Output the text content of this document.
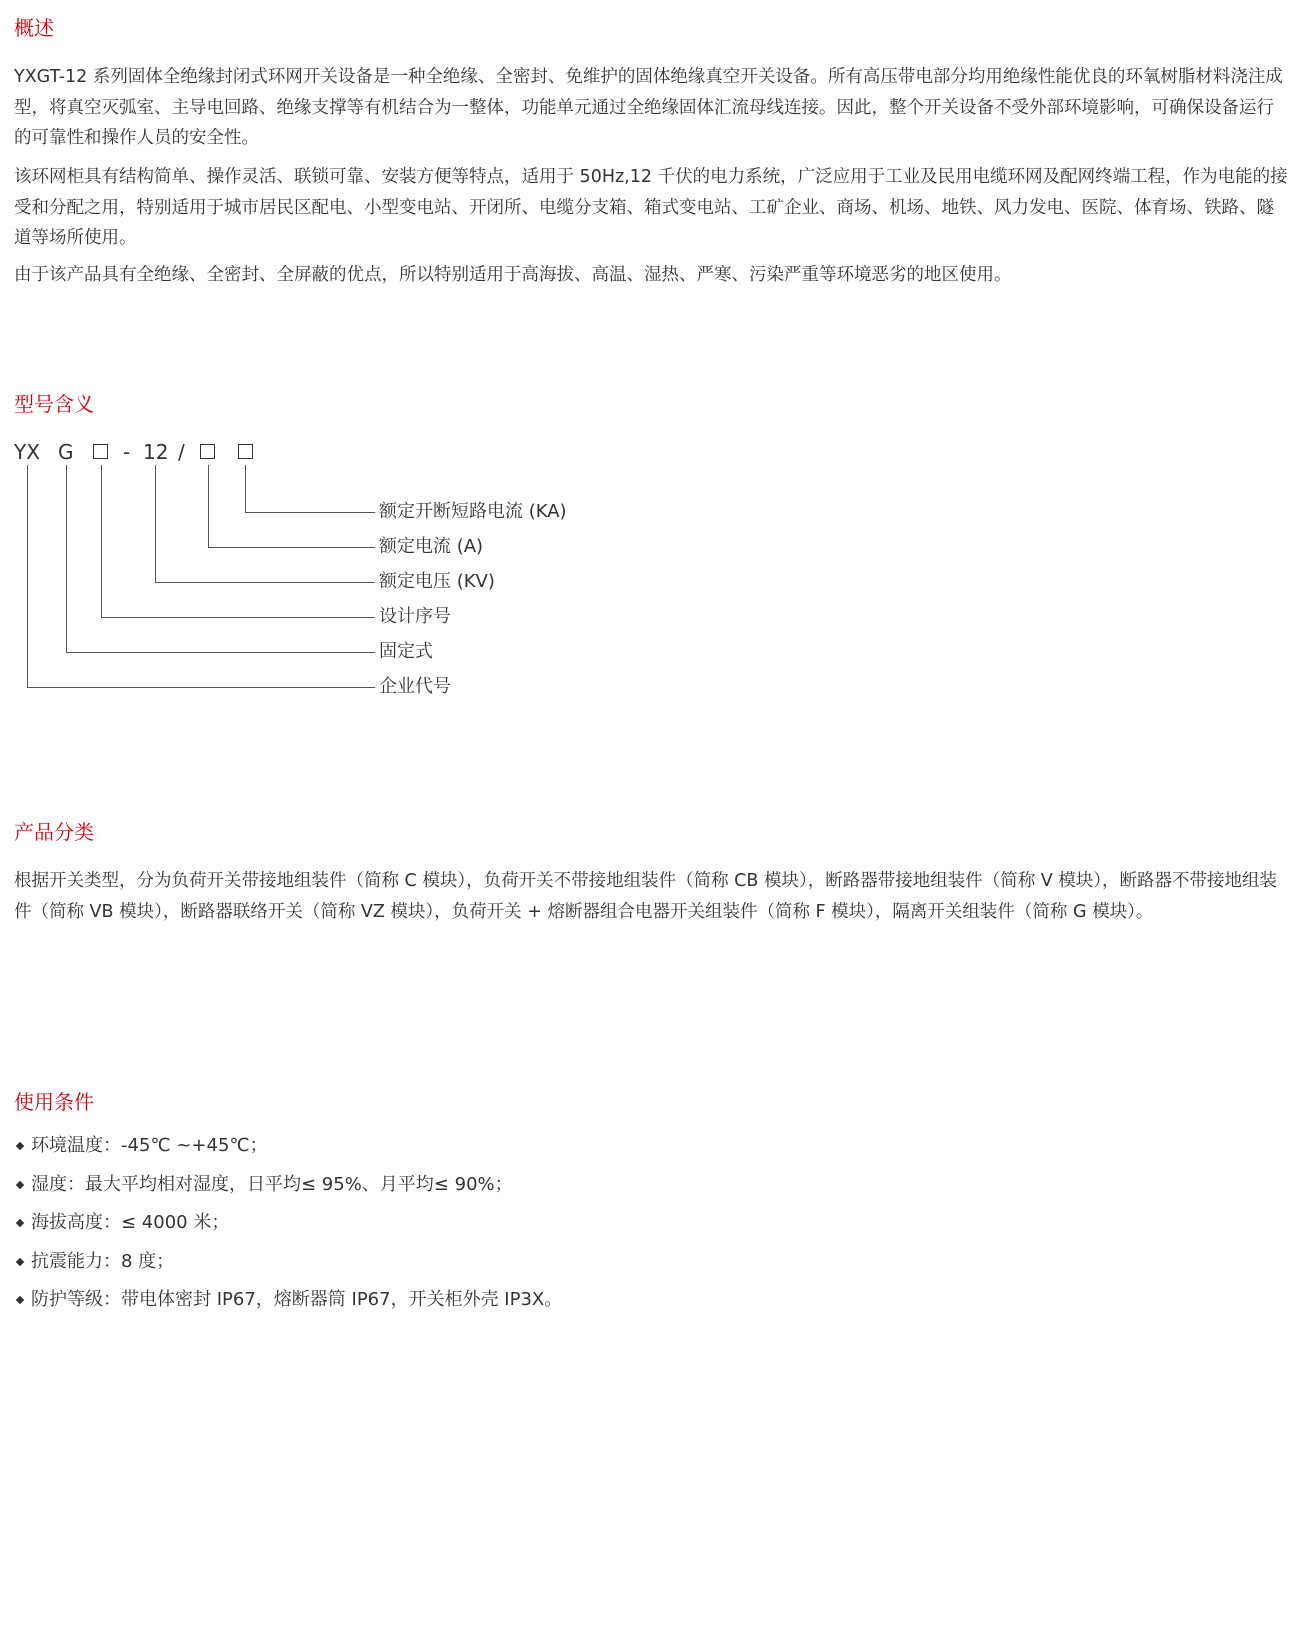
概述

YXGT-12 系列固体全绝缘封闭式环网开关设备是一种全绝缘、全密封、免维护的固体绝缘真空开关设备。所有高压带电部分均用绝缘性能优良的环氧树脂材料浇注成型，将真空灭弧室、主导电回路、绝缘支撑等有机结合为一整体，功能单元通过全绝缘固体汇流母线连接。因此，整个开关设备不受外部环境影响，可确保设备运行的可靠性和操作人员的安全性。

该环网柜具有结构简单、操作灵活、联锁可靠、安装方便等特点，适用于 50Hz,12 千伏的电力系统，广泛应用于工业及民用电缆环网及配网终端工程，作为电能的接受和分配之用，特别适用于城市居民区配电、小型变电站、开闭所、电缆分支箱、箱式变电站、工矿企业、商场、机场、地铁、风力发电、医院、体育场、铁路、隧道等场所使用。

由于该产品具有全绝缘、全密封、全屏蔽的优点，所以特别适用于高海拔、高温、湿热、严寒、污染严重等环境恶劣的地区使用。

型号含义
YX G - 12 /
额定开断短路电流 (KA)
额定电流 (A)
额定电压 (KV)
设计序号
固定式
企业代号
产品分类

根据开关类型，分为负荷开关带接地组装件（简称 C 模块），负荷开关不带接地组装件（简称 CB 模块），断路器带接地组装件（简称 V 模块），断路器不带接地组装件（简称 VB 模块），断路器联络开关（简称 VZ 模块），负荷开关 + 熔断器组合电器开关组装件（简称 F 模块），隔离开关组装件（简称 G 模块）。

使用条件
环境温度：-45℃ ~+45℃；
湿度：最大平均相对湿度，日平均≤ 95%、月平均≤ 90%；
海拔高度：≤ 4000 米；
抗震能力：8 度；
防护等级：带电体密封 IP67，熔断器筒 IP67，开关柜外壳 IP3X。
